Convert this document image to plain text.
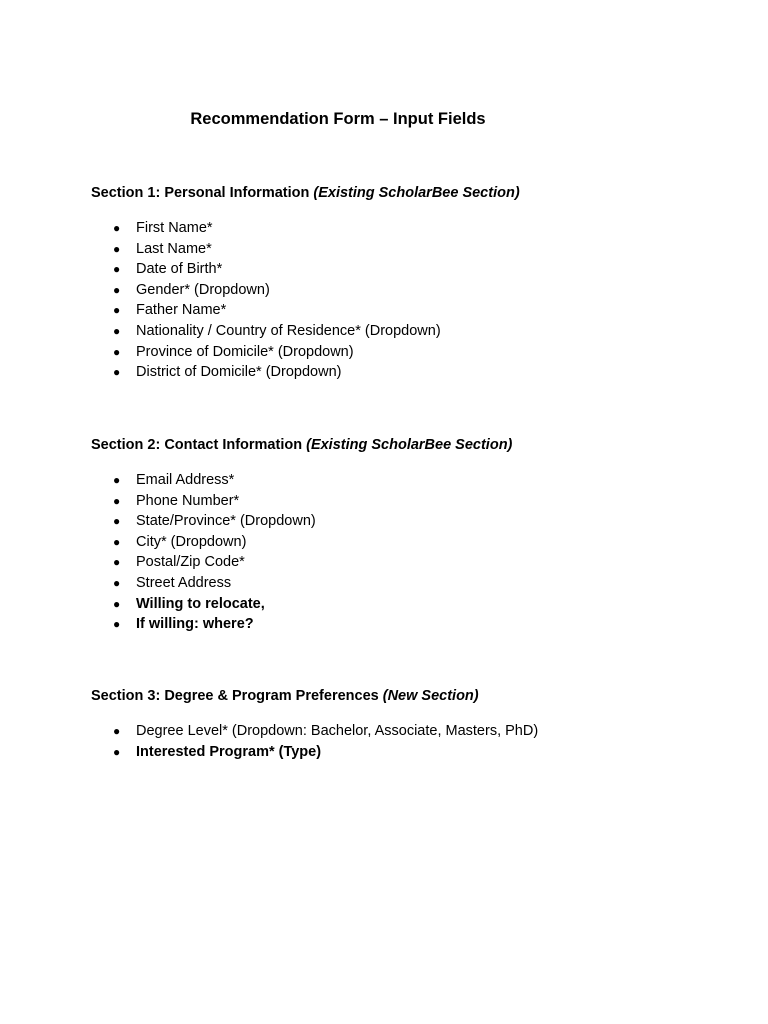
Recommendation Form – Input Fields

Section 1: Personal Information (Existing ScholarBee Section)

● First Name*
● Last Name*
● Date of Birth*
● Gender* (Dropdown)
● Father Name*
● Nationality / Country of Residence* (Dropdown)
● Province of Domicile* (Dropdown)
● District of Domicile* (Dropdown)

Section 2: Contact Information (Existing ScholarBee Section)

● Email Address*
● Phone Number*
● State/Province* (Dropdown)
● City* (Dropdown)
● Postal/Zip Code*
● Street Address
● Willing to relocate,
● If willing: where?

Section 3: Degree & Program Preferences (New Section)

● Degree Level* (Dropdown: Bachelor, Associate, Masters, PhD)
● Interested Program* (Type)
